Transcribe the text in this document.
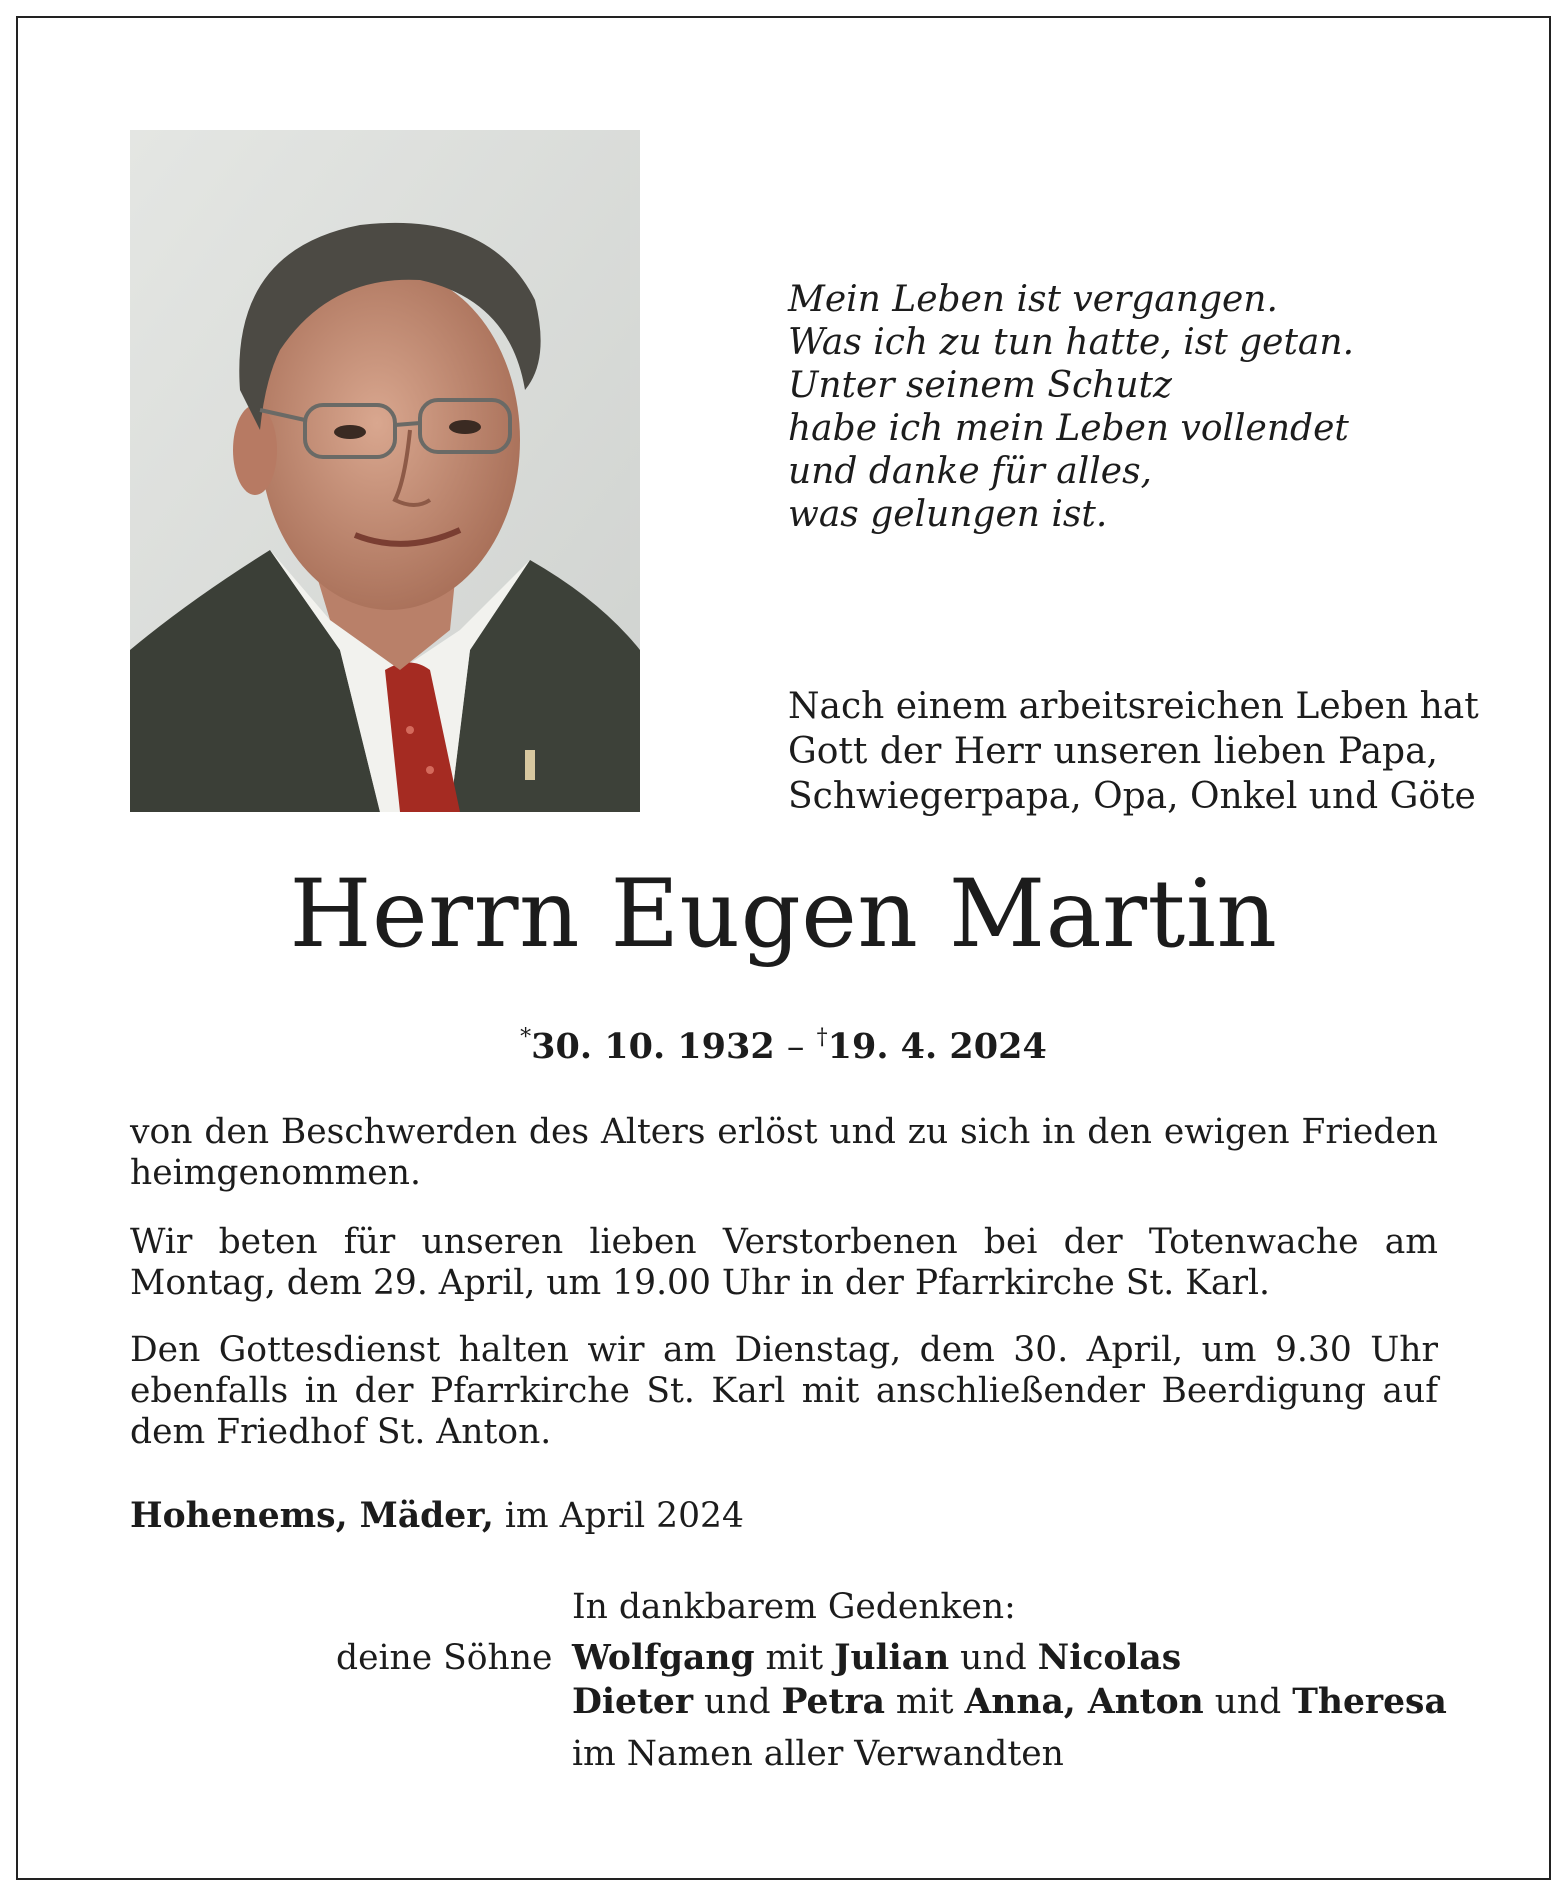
Mein Leben ist vergangen.
Was ich zu tun hatte, ist getan.
Unter seinem Schutz
habe ich mein Leben vollendet
und danke für alles,
was gelungen ist.
Nach einem arbeitsreichen Leben hat
Gott der Herr unseren lieben Papa,
Schwiegerpapa, Opa, Onkel und Göte
Herrn Eugen Martin
*30. 10. 1932 – †19. 4. 2024
von den Beschwerden des Alters erlöst und zu sich in den ewigen Frieden heimgenommen.
Wir beten für unseren lieben Verstorbenen bei der Totenwache am Montag, dem 29. April, um 19.00 Uhr in der Pfarrkirche St. Karl.
Den Gottesdienst halten wir am Dienstag, dem 30. April, um 9.30 Uhr
ebenfalls in der Pfarrkirche St. Karl mit anschließender Beerdigung auf
dem Friedhof St. Anton.
Hohenems, Mäder, im April 2024
In dankbarem Gedenken:
deine Söhne Wolfgang mit Julian und Nicolas
Dieter und Petra mit Anna, Anton und Theresa
im Namen aller Verwandten
